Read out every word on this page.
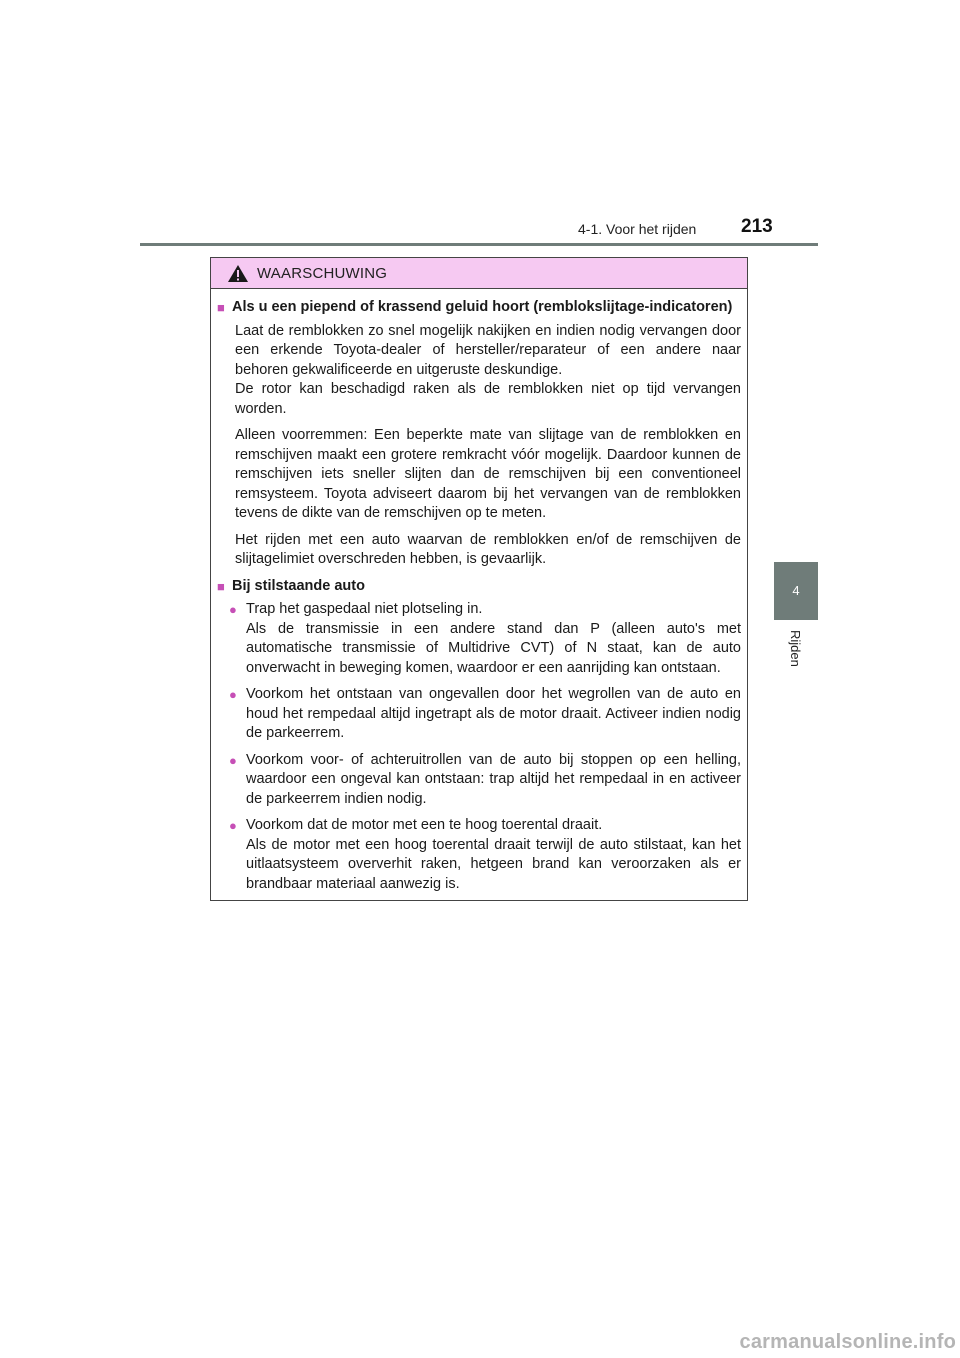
4-1. Voor het rijden 213
4
Rijden
WAARSCHUWING
■ Als u een piepend of krassend geluid hoort (remblokslijtage-indicatoren)
Laat de remblokken zo snel mogelijk nakijken en indien nodig vervangen door een erkende Toyota-dealer of hersteller/reparateur of een andere naar behoren gekwalificeerde en uitgeruste deskundige.
De rotor kan beschadigd raken als de remblokken niet op tijd vervangen worden.
Alleen voorremmen: Een beperkte mate van slijtage van de remblokken en remschijven maakt een grotere remkracht vóór mogelijk. Daardoor kunnen de remschijven iets sneller slijten dan de remschijven bij een conventioneel remsysteem. Toyota adviseert daarom bij het vervangen van de remblokken tevens de dikte van de remschijven op te meten.
Het rijden met een auto waarvan de remblokken en/of de remschijven de slijtagelimiet overschreden hebben, is gevaarlijk.
■ Bij stilstaande auto
● Trap het gaspedaal niet plotseling in.
Als de transmissie in een andere stand dan P (alleen auto's met automatische transmissie of Multidrive CVT) of N staat, kan de auto onverwacht in beweging komen, waardoor er een aanrijding kan ontstaan.
● Voorkom het ontstaan van ongevallen door het wegrollen van de auto en houd het rempedaal altijd ingetrapt als de motor draait. Activeer indien nodig de parkeerrem.
● Voorkom voor- of achteruitrollen van de auto bij stoppen op een helling, waardoor een ongeval kan ontstaan: trap altijd het rempedaal in en activeer de parkeerrem indien nodig.
● Voorkom dat de motor met een te hoog toerental draait.
Als de motor met een hoog toerental draait terwijl de auto stilstaat, kan het uitlaatsysteem oververhit raken, hetgeen brand kan veroorzaken als er brandbaar materiaal aanwezig is.
carmanualsonline.info
